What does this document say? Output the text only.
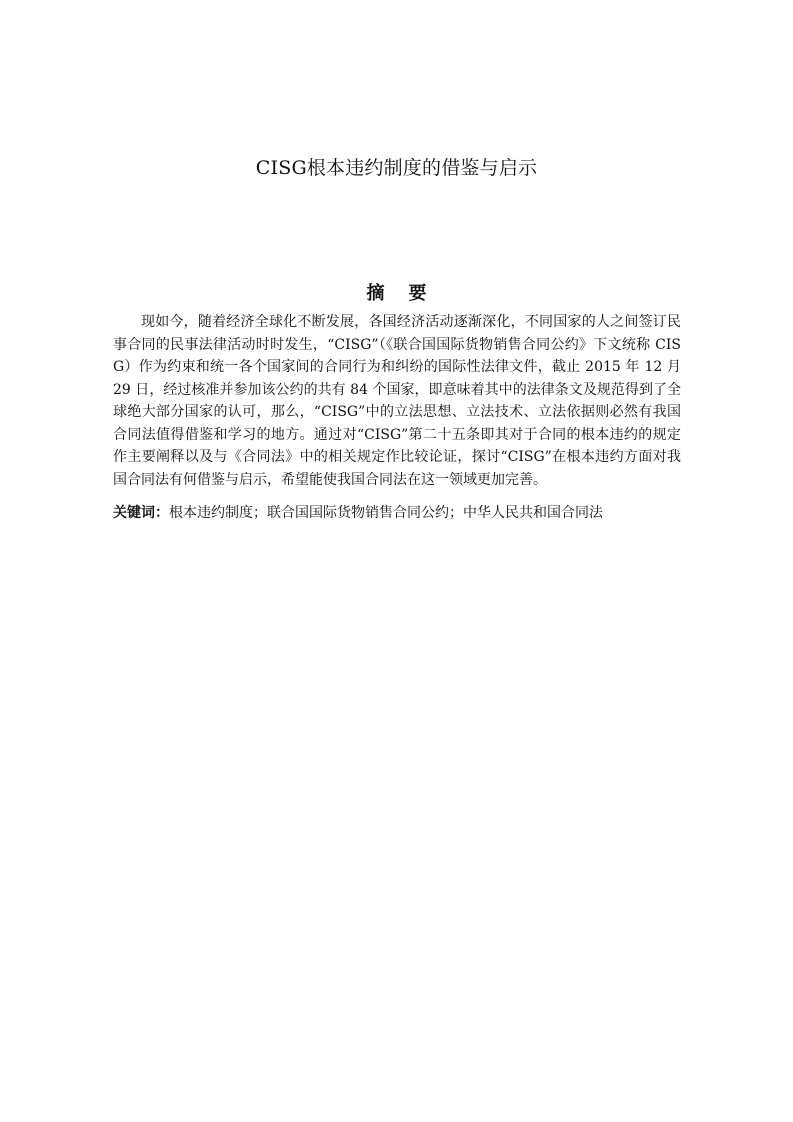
CISG根本违约制度的借鉴与启示
摘 要

现如今，随着经济全球化不断发展，各国经济活动逐渐深化，不同国家的人之间签订民事合同的民事法律活动时时发生，“CISG”（《联合国国际货物销售合同公约》下文统称 CISG）作为约束和统一各个国家间的合同行为和纠纷的国际性法律文件，截止 2015 年 12 月 29 日，经过核准并参加该公约的共有 84 个国家，即意味着其中的法律条文及规范得到了全球绝大部分国家的认可，那么，“CISG”中的立法思想、立法技术、立法依据则必然有我国合同法值得借鉴和学习的地方。通过对“CISG”第二十五条即其对于合同的根本违约的规定作主要阐释以及与《合同法》中的相关规定作比较论证，探讨“CISG”在根本违约方面对我国合同法有何借鉴与启示，希望能使我国合同法在这一领域更加完善。

关键词：根本违约制度；联合国国际货物销售合同公约；中华人民共和国合同法
